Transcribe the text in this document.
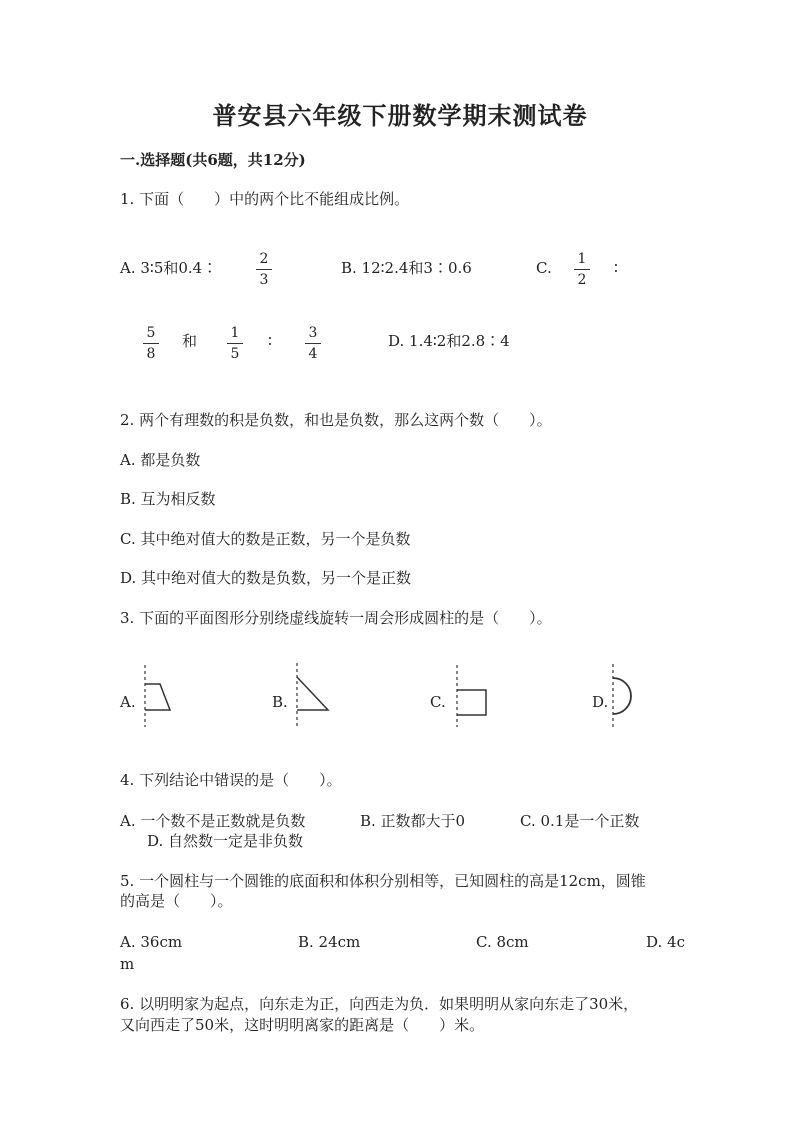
普安县六年级下册数学期末测试卷
一.选择题(共6题，共12分)
1. 下面（　　）中的两个比不能组成比例。
A. 3∶5和0.4∶	2
3
B. 12∶2.4和3∶0.6	C.	1
2
∶
5
8
和	1
5
∶	3
4
D. 1.4∶2和2.8∶4
2. 两个有理数的积是负数，和也是负数，那么这两个数（　　）。
A. 都是负数
B. 互为相反数
C. 其中绝对值大的数是正数，另一个是负数
D. 其中绝对值大的数是负数，另一个是正数
3. 下面的平面图形分别绕虚线旋转一周会形成圆柱的是（　　）。
A.	B.	C.	D.
4. 下列结论中错误的是（　　）。
A. 一个数不是正数就是负数	B. 正数都大于0	C. 0.1是一个正数
D. 自然数一定是非负数
5. 一个圆柱与一个圆锥的底面积和体积分别相等，已知圆柱的高是12cm，圆锥
的高是（　　）。
A. 36cm	B. 24cm	C. 8cm	D. 4c
m
6. 以明明家为起点，向东走为正，向西走为负．如果明明从家向东走了30米，
又向西走了50米，这时明明离家的距离是（　　）米。
